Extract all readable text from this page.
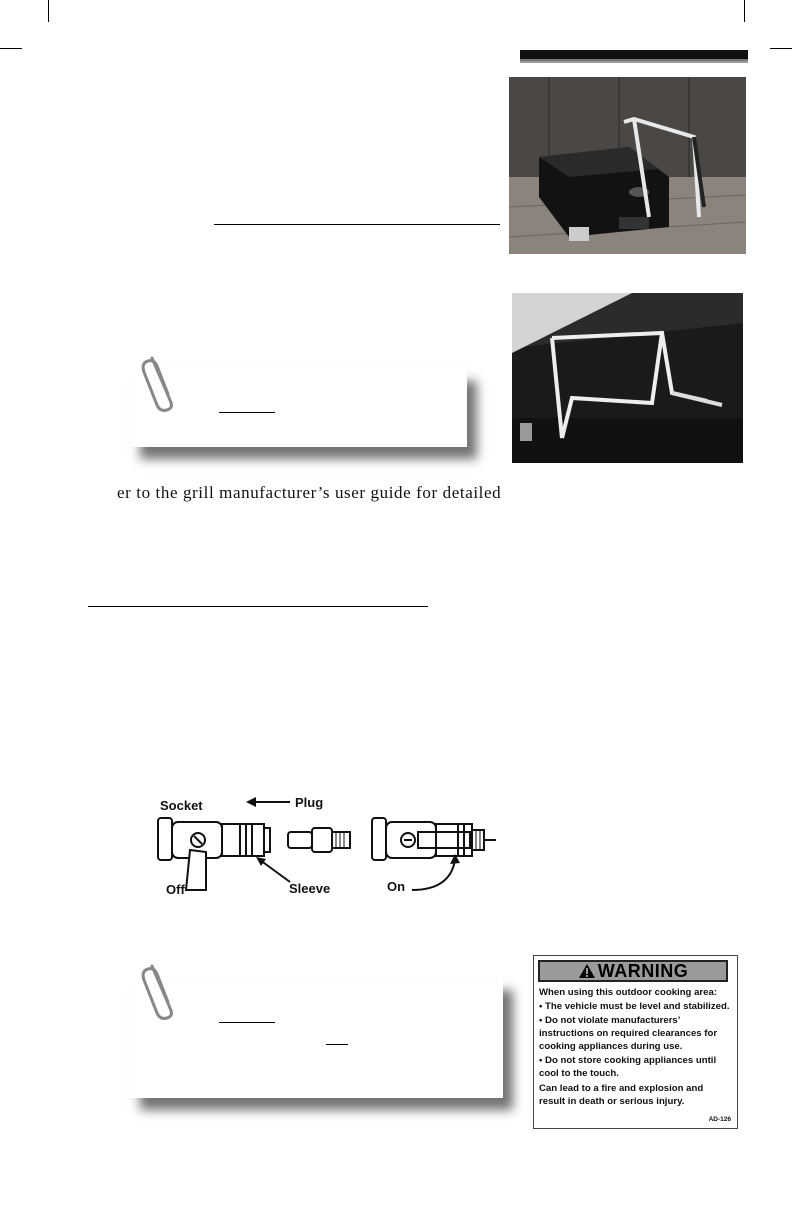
er to the grill manufacturer’s user guide for detailed
Socket	Plug
Off	Sleeve	On
WARNING
When using this outdoor cooking area:
• The vehicle must be level and stabilized.
• Do not violate manufacturers’
instructions on required clearances for
cooking appliances during use.
• Do not store cooking appliances until
cool to the touch.
Can lead to a fire and explosion and
result in death or serious injury.
AD-126
